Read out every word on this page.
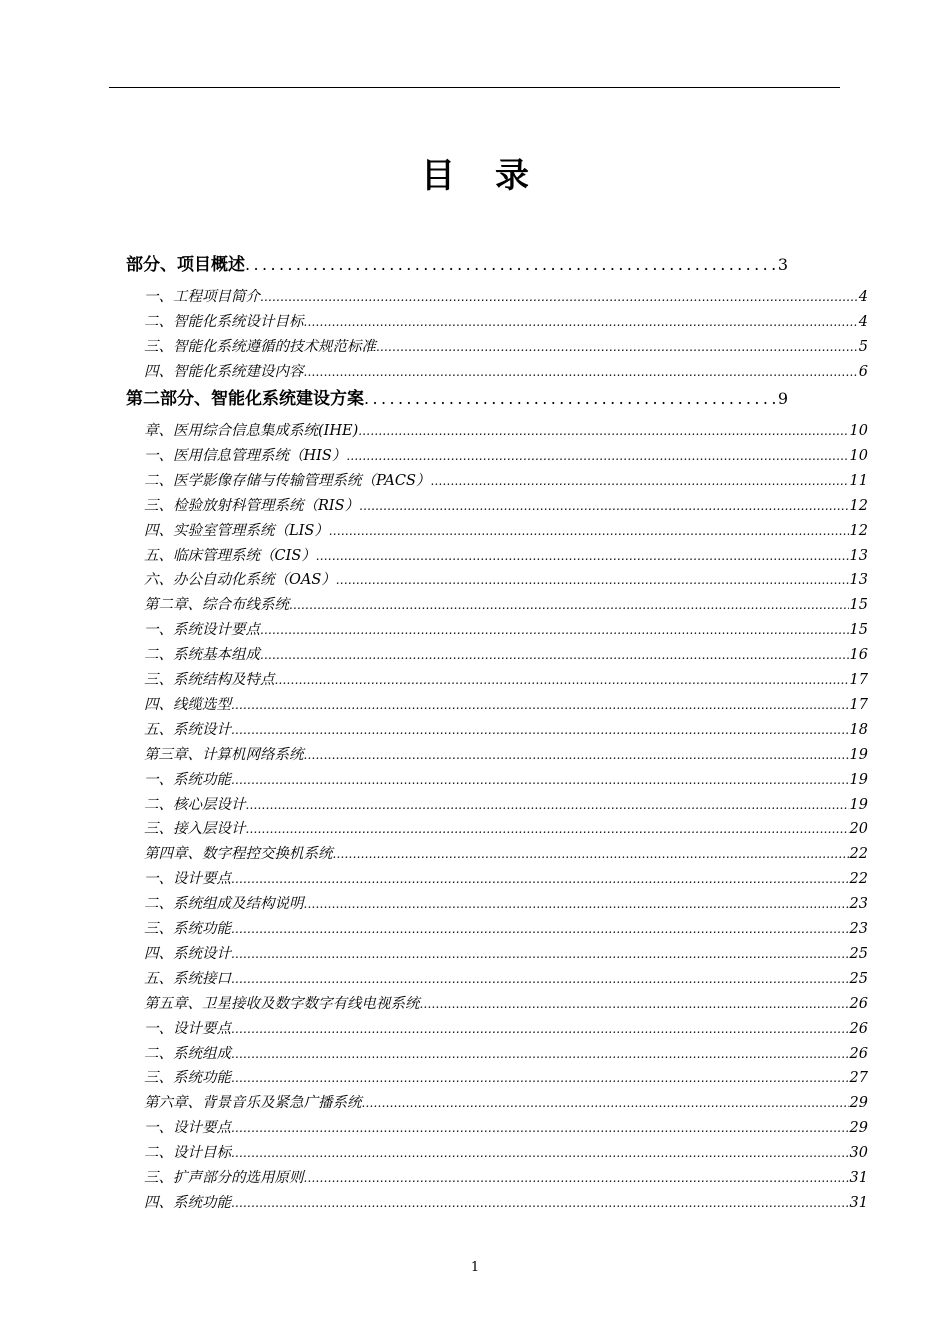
目 录
部分、项目概述 .....	3
一、工程项目简介 .....	4
二、智能化系统设计目标 .....	4
三、智能化系统遵循的技术规范标准 .....	5
四、智能化系统建设内容 .....	6
第二部分、智能化系统建设方案 .....	9
章、医用综合信息集成系统(IHE) .....	10
一、医用信息管理系统（HIS） .....	10
二、医学影像存储与传输管理系统（PACS） .....	11
三、检验放射科管理系统（RIS） .....	12
四、实验室管理系统（LIS） .....	12
五、临床管理系统（CIS） .....	13
六、办公自动化系统（OAS） .....	13
第二章、综合布线系统 .....	15
一、系统设计要点 .....	15
二、系统基本组成 .....	16
三、系统结构及特点 .....	17
四、线缆选型 .....	17
五、系统设计 .....	18
第三章、计算机网络系统 .....	19
一、系统功能 .....	19
二、核心层设计 .....	19
三、接入层设计 .....	20
第四章、数字程控交换机系统 .....	22
一、设计要点 .....	22
二、系统组成及结构说明 .....	23
三、系统功能 .....	23
四、系统设计 .....	25
五、系统接口 .....	25
第五章、卫星接收及数字数字有线电视系统 .....	26
一、设计要点 .....	26
二、系统组成 .....	26
三、系统功能 .....	27
第六章、背景音乐及紧急广播系统 .....	29
一、设计要点 .....	29
二、设计目标 .....	30
三、扩声部分的选用原则 .....	31
四、系统功能 .....	31
1
